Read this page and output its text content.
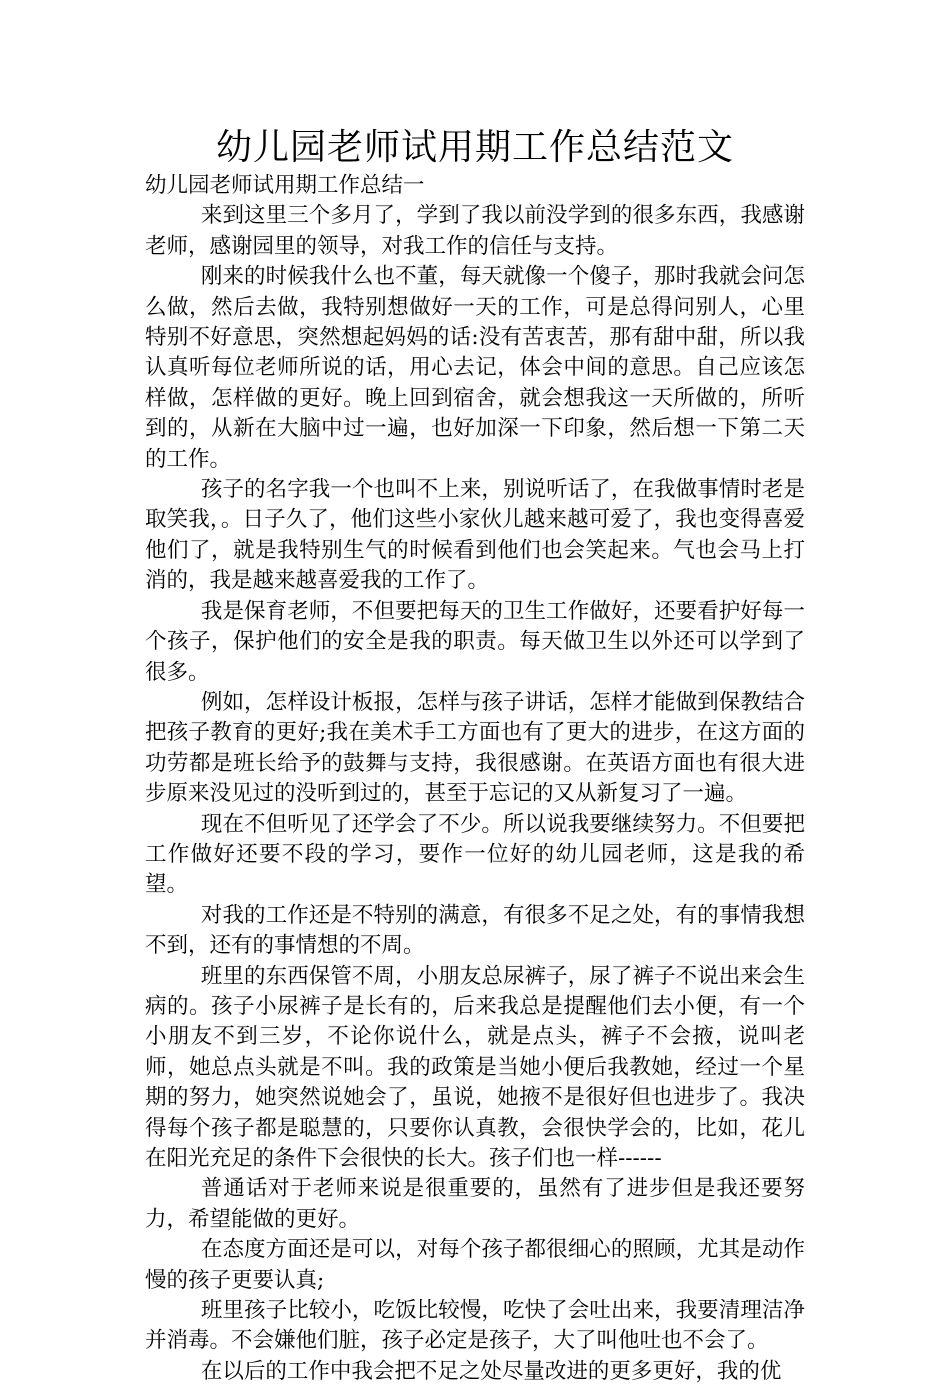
幼儿园老师试用期工作总结范文

幼儿园老师试用期工作总结一

来到这里三个多月了，学到了我以前没学到的很多东西，我感谢老师，感谢园里的领导，对我工作的信任与支持。

刚来的时候我什么也不董，每天就像一个傻子，那时我就会问怎么做，然后去做，我特别想做好一天的工作，可是总得问别人，心里特别不好意思，突然想起妈妈的话:没有苦衷苦，那有甜中甜，所以我认真听每位老师所说的话，用心去记，体会中间的意思。自己应该怎样做，怎样做的更好。晚上回到宿舍，就会想我这一天所做的，所听到的，从新在大脑中过一遍，也好加深一下印象，然后想一下第二天的工作。

孩子的名字我一个也叫不上来，别说听话了，在我做事情时老是取笑我，。日子久了，他们这些小家伙儿越来越可爱了，我也变得喜爱他们了，就是我特别生气的时候看到他们也会笑起来。气也会马上打消的，我是越来越喜爱我的工作了。

我是保育老师，不但要把每天的卫生工作做好，还要看护好每一个孩子，保护他们的安全是我的职责。每天做卫生以外还可以学到了很多。

例如，怎样设计板报，怎样与孩子讲话，怎样才能做到保教结合把孩子教育的更好;我在美术手工方面也有了更大的进步，在这方面的功劳都是班长给予的鼓舞与支持，我很感谢。在英语方面也有很大进步原来没见过的没听到过的，甚至于忘记的又从新复习了一遍。

现在不但听见了还学会了不少。所以说我要继续努力。不但要把工作做好还要不段的学习，要作一位好的幼儿园老师，这是我的希望。

对我的工作还是不特别的满意，有很多不足之处，有的事情我想不到，还有的事情想的不周。

班里的东西保管不周，小朋友总尿裤子，尿了裤子不说出来会生病的。孩子小尿裤子是长有的，后来我总是提醒他们去小便，有一个小朋友不到三岁，不论你说什么，就是点头，裤子不会掖，说叫老师，她总点头就是不叫。我的政策是当她小便后我教她，经过一个星期的努力，她突然说她会了，虽说，她掖不是很好但也进步了。我决得每个孩子都是聪慧的，只要你认真教，会很快学会的，比如，花儿在阳光充足的条件下会很快的长大。孩子们也一样------

普通话对于老师来说是很重要的，虽然有了进步但是我还要努力，希望能做的更好。

在态度方面还是可以，对每个孩子都很细心的照顾，尤其是动作慢的孩子更要认真;

班里孩子比较小，吃饭比较慢，吃快了会吐出来，我要清理洁净并消毒。不会嫌他们脏，孩子必定是孩子，大了叫他吐也不会了。

在以后的工作中我会把不足之处尽量改进的更多更好，我的优
